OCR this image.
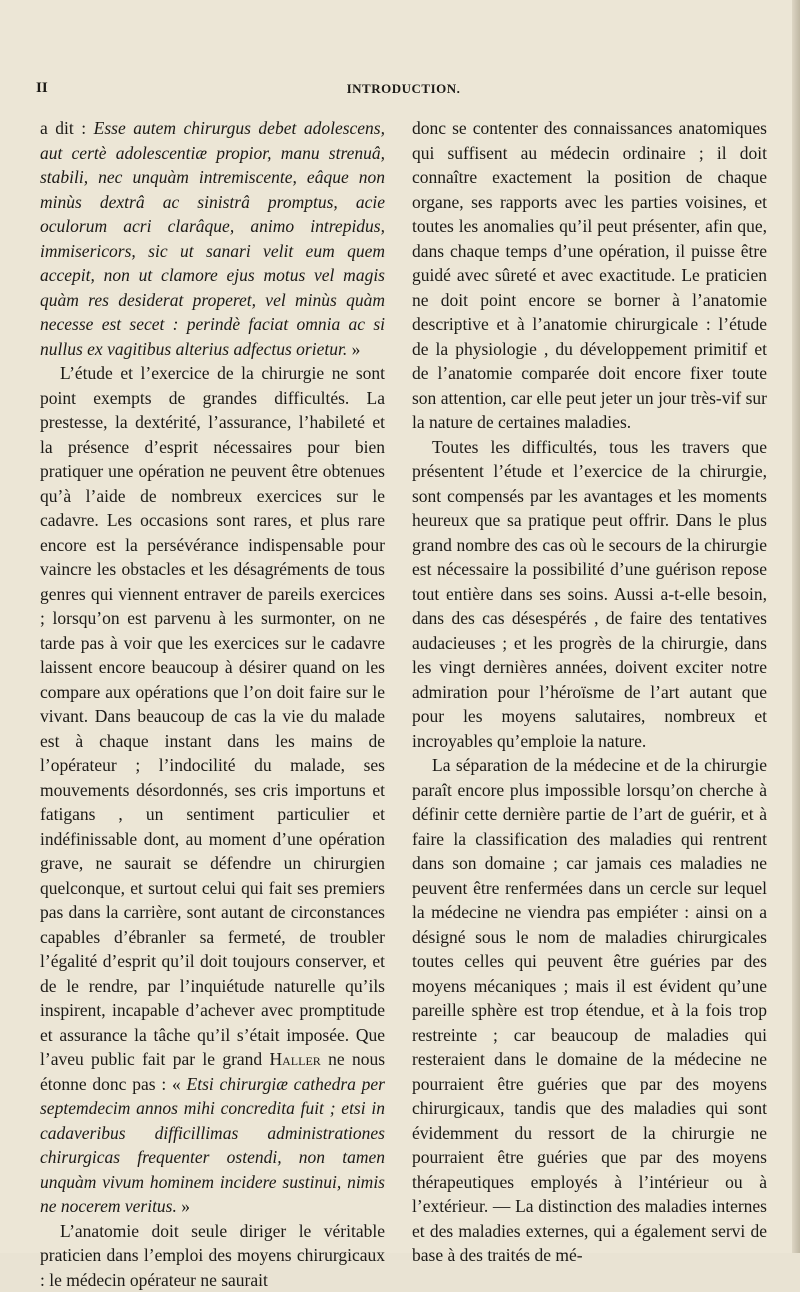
II	INTRODUCTION.

a dit : Esse autem chirurgus debet adolescens, aut certè adolescentiæ propior, manu strenuâ, stabili, nec unquàm intremiscente, eâque non minùs dextrâ ac sinistrâ promptus, acie oculorum acri clarâque, animo intrepidus, immisericors, sic ut sanari velit eum quem accepit, non ut clamore ejus motus vel magis quàm res desiderat properet, vel minùs quàm necesse est secet : perindè faciat omnia ac si nullus ex vagitibus alterius adfectus orietur. »

L’étude et l’exercice de la chirurgie ne sont point exempts de grandes difficultés. La prestesse, la dextérité, l’assurance, l’habileté et la présence d’esprit nécessaires pour bien pratiquer une opération ne peuvent être obtenues qu’à l’aide de nombreux exercices sur le cadavre. Les occasions sont rares, et plus rare encore est la persévérance indispensable pour vaincre les obstacles et les désagréments de tous genres qui viennent entraver de pareils exercices ; lorsqu’on est parvenu à les surmonter, on ne tarde pas à voir que les exercices sur le cadavre laissent encore beaucoup à désirer quand on les compare aux opérations que l’on doit faire sur le vivant. Dans beaucoup de cas la vie du malade est à chaque instant dans les mains de l’opérateur ; l’indocilité du malade, ses mouvements désordonnés, ses cris importuns et fatigans , un sentiment particulier et indéfinissable dont, au moment d’une opération grave, ne saurait se défendre un chirurgien quelconque, et surtout celui qui fait ses premiers pas dans la carrière, sont autant de circonstances capables d’ébranler sa fermeté, de troubler l’égalité d’esprit qu’il doit toujours conserver, et de le rendre, par l’inquiétude naturelle qu’ils inspirent, incapable d’achever avec promptitude et assurance la tâche qu’il s’était imposée. Que l’aveu public fait par le grand Haller ne nous étonne donc pas : « Etsi chirurgiæ cathedra per septemdecim annos mihi concredita fuit ; etsi in cadaveribus difficillimas administrationes chirurgicas frequenter ostendi, non tamen unquàm vivum hominem incidere sustinui, nimis ne nocerem veritus. »

L’anatomie doit seule diriger le véritable praticien dans l’emploi des moyens chirurgicaux : le médecin opérateur ne saurait

donc se contenter des connaissances anatomiques qui suffisent au médecin ordinaire ; il doit connaître exactement la position de chaque organe, ses rapports avec les parties voisines, et toutes les anomalies qu’il peut présenter, afin que, dans chaque temps d’une opération, il puisse être guidé avec sûreté et avec exactitude. Le praticien ne doit point encore se borner à l’anatomie descriptive et à l’anatomie chirurgicale : l’étude de la physiologie , du développement primitif et de l’anatomie comparée doit encore fixer toute son attention, car elle peut jeter un jour très-vif sur la nature de certaines maladies.

Toutes les difficultés, tous les travers que présentent l’étude et l’exercice de la chirurgie, sont compensés par les avantages et les moments heureux que sa pratique peut offrir. Dans le plus grand nombre des cas où le secours de la chirurgie est nécessaire la possibilité d’une guérison repose tout entière dans ses soins. Aussi a-t-elle besoin, dans des cas désespérés , de faire des tentatives audacieuses ; et les progrès de la chirurgie, dans les vingt dernières années, doivent exciter notre admiration pour l’héroïsme de l’art autant que pour les moyens salutaires, nombreux et incroyables qu’emploie la nature.

La séparation de la médecine et de la chirurgie paraît encore plus impossible lorsqu’on cherche à définir cette dernière partie de l’art de guérir, et à faire la classification des maladies qui rentrent dans son domaine ; car jamais ces maladies ne peuvent être renfermées dans un cercle sur lequel la médecine ne viendra pas empiéter : ainsi on a désigné sous le nom de maladies chirurgicales toutes celles qui peuvent être guéries par des moyens mécaniques ; mais il est évident qu’une pareille sphère est trop étendue, et à la fois trop restreinte ; car beaucoup de maladies qui resteraient dans le domaine de la médecine ne pourraient être guéries que par des moyens chirurgicaux, tandis que des maladies qui sont évidemment du ressort de la chirurgie ne pourraient être guéries que par des moyens thérapeutiques employés à l’intérieur ou à l’extérieur. — La distinction des maladies internes et des maladies externes, qui a également servi de base à des traités de mé-
